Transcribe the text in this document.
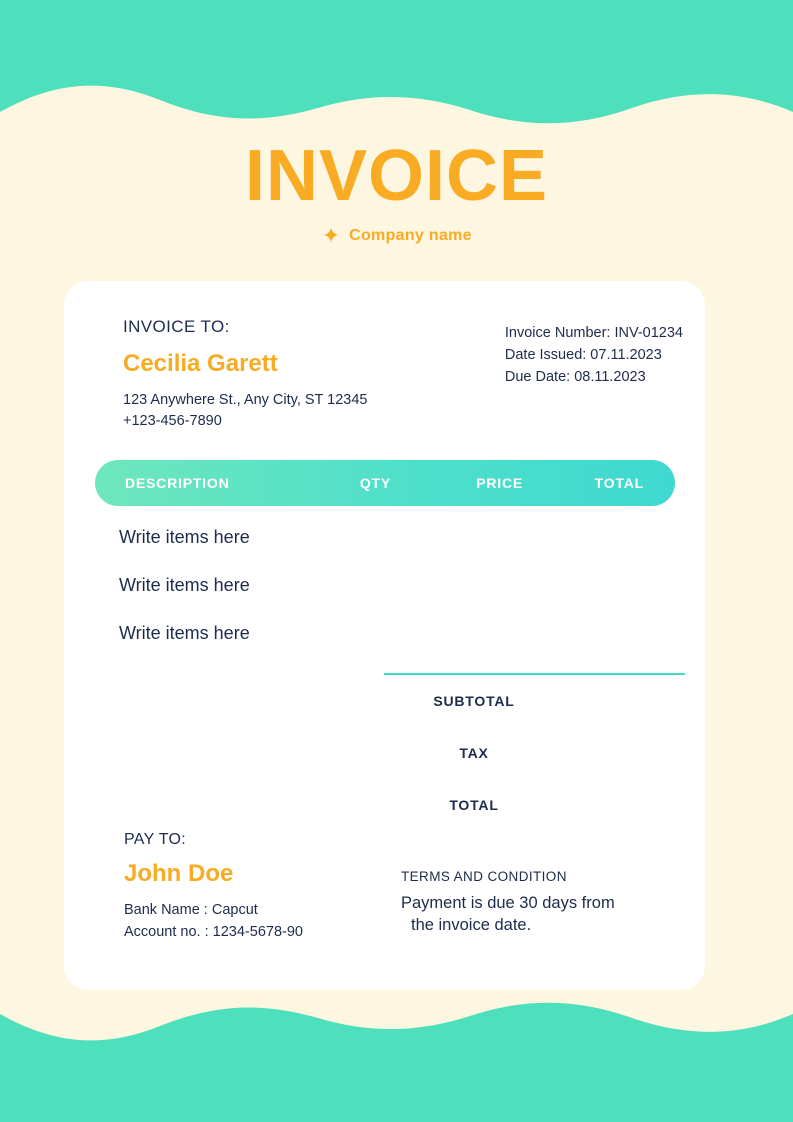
INVOICE
✦ Company name
INVOICE TO:
Cecilia Garett
123 Anywhere St., Any City, ST 12345
+123-456-7890
Invoice Number: INV-01234
Date Issued: 07.11.2023
Due Date: 08.11.2023
DESCRIPTION	QTY	PRICE	TOTAL
Write items here
Write items here
Write items here
SUBTOTAL
TAX
TOTAL
PAY TO:
John Doe
Bank Name : Capcut
Account no. : 1234-5678-90
TERMS AND CONDITION
Payment is due 30 days from
the invoice date.
